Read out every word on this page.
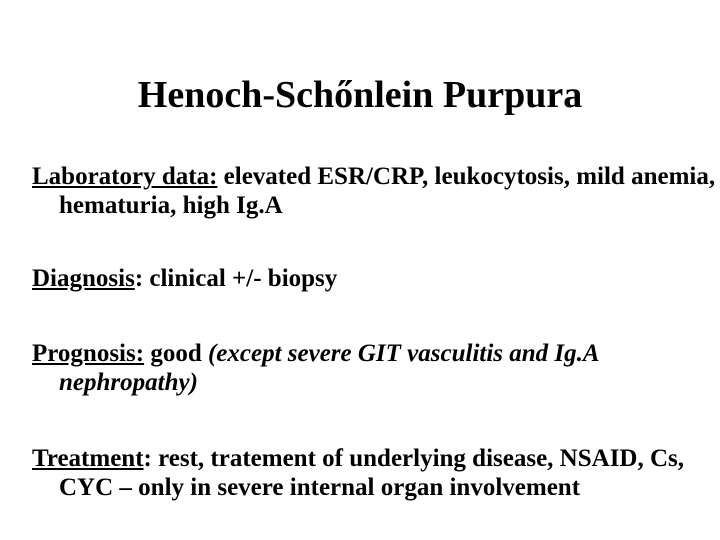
Henoch-Schőnlein Purpura
Laboratory data: elevated ESR/CRP, leukocytosis, mild anemia, hematuria, high Ig.A
Diagnosis: clinical +/- biopsy
Prognosis: good (except severe GIT vasculitis and Ig.A nephropathy)
Treatment: rest, tratement of underlying disease, NSAID, Cs, CYC – only in severe internal organ involvement
